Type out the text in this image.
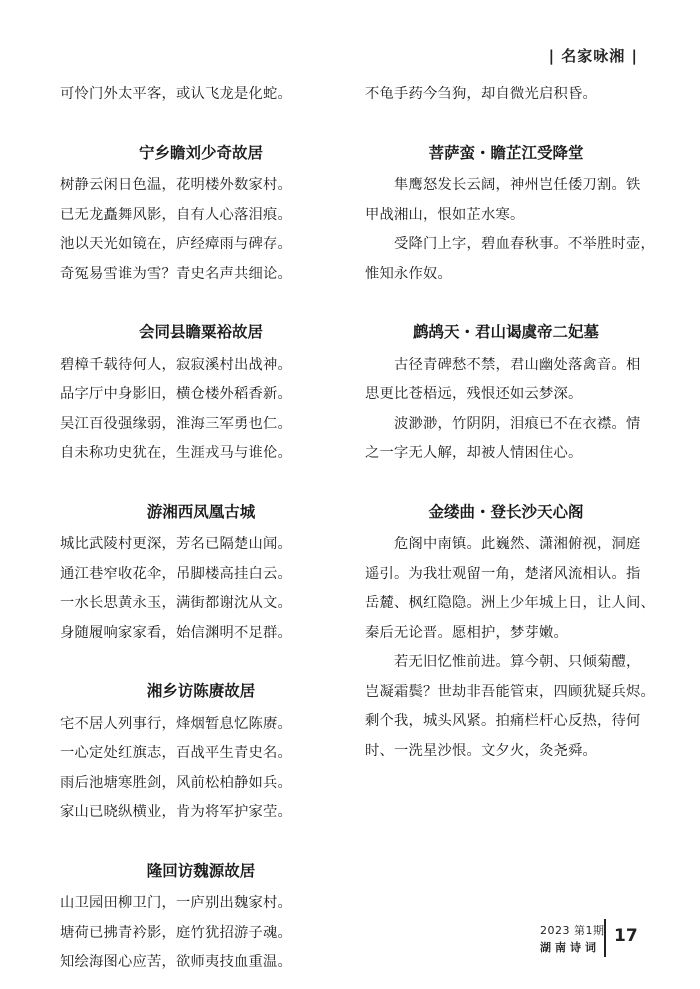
| 名家咏湘 |

可怜门外太平客，或认飞龙是化蛇。

宁乡瞻刘少奇故居

树静云闲日色温，花明楼外数家村。

已无龙矗舞风影，自有人心落泪痕。

池以天光如镜在，庐经瘴雨与碑存。

奇冤易雪谁为雪？青史名声共细论。

会同县瞻粟裕故居

碧樟千载待何人，寂寂溪村出战神。

品字厅中身影旧，横仓楼外稻香新。

吴江百役强缘弱，淮海三军勇也仁。

自未称功史犹在，生涯戎马与谁伦。

游湘西凤凰古城

城比武陵村更深，芳名已隔楚山闻。

通江巷窄收花伞，吊脚楼高挂白云。

一水长思黄永玉，满街都谢沈从文。

身随履响家家看，始信渊明不足群。

湘乡访陈赓故居

宅不居人列事行，烽烟暂息忆陈赓。

一心定处红旗志，百战平生青史名。

雨后池塘寒胜剑，风前松柏静如兵。

家山已晓纵横业，肯为将军护家茔。

隆回访魏源故居

山卫园田柳卫门，一庐别出魏家村。

塘荷已拂青衿影，庭竹犹招游子魂。

知绘海图心应苦，欲师夷技血重温。

不龟手药今刍狗，却自微光启积昏。

菩萨蛮・瞻芷江受降堂

隼鹰怒发长云阔，神州岂任倭刀割。铁

甲战湘山，恨如芷水寒。

受降门上字，碧血春秋事。不举胜时壶，

惟知永作奴。

鹧鸪天・君山谒虞帝二妃墓

古径青碑愁不禁，君山幽处落禽音。相

思更比苍梧远，残恨还如云梦深。

波渺渺，竹阴阴，泪痕已不在衣襟。情

之一字无人解，却被人情困住心。

金缕曲・登长沙天心阁

危阁中南镇。此巍然、潇湘俯视，洞庭

遥引。为我壮观留一角，楚渚风流相认。指

岳麓、枫红隐隐。洲上少年城上日，让人间、

秦后无论晋。愿相护，梦芽嫩。

若无旧忆惟前进。算今朝、只倾菊醴，

岂凝霜鬓？世劫非吾能管束，四顾犹疑兵烬。

剩个我，城头风紧。拍痛栏杆心反热，待何

时、一洗星沙恨。文夕火，灸尧舜。

2023 第1期
湖南诗词
17
